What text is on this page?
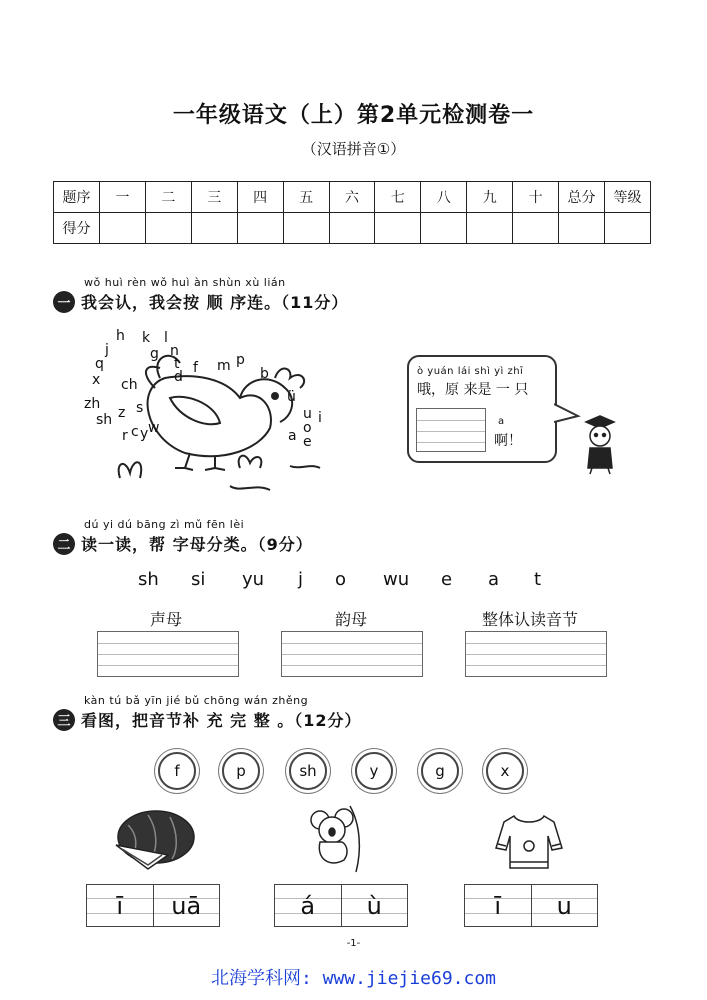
一年级语文（上）第2单元检测卷一
（汉语拼音①）
题序	一	二	三	四	五	六	七	八	九	十	总分	等级
得分												
wǒ huì rèn wǒ huì àn shùn xù lián
一 我会认，我会按 顺 序连。（11分）
h k l
j	g n
q	t f m p
x	d	b
ch
ü
zh	s
z	u i
sh	o
r c y w	a e
ò yuán lái shì yì zhī
哦，原 来是 一 只
a
啊！
dú yi dú bāng zì mǔ fēn lèi
二 读一读，帮 字母分类。（9分）
sh si yu j o wu e a t
声母	韵母	整体认读音节
kàn tú bǎ yīn jié bǔ chōng wán zhěng
三 看图，把音节补 充 完 整 。（12分）
f	p	sh	y	g	x
ī uā	á ù	ī u
-1-
北海学科网: www.jiejie69.com
